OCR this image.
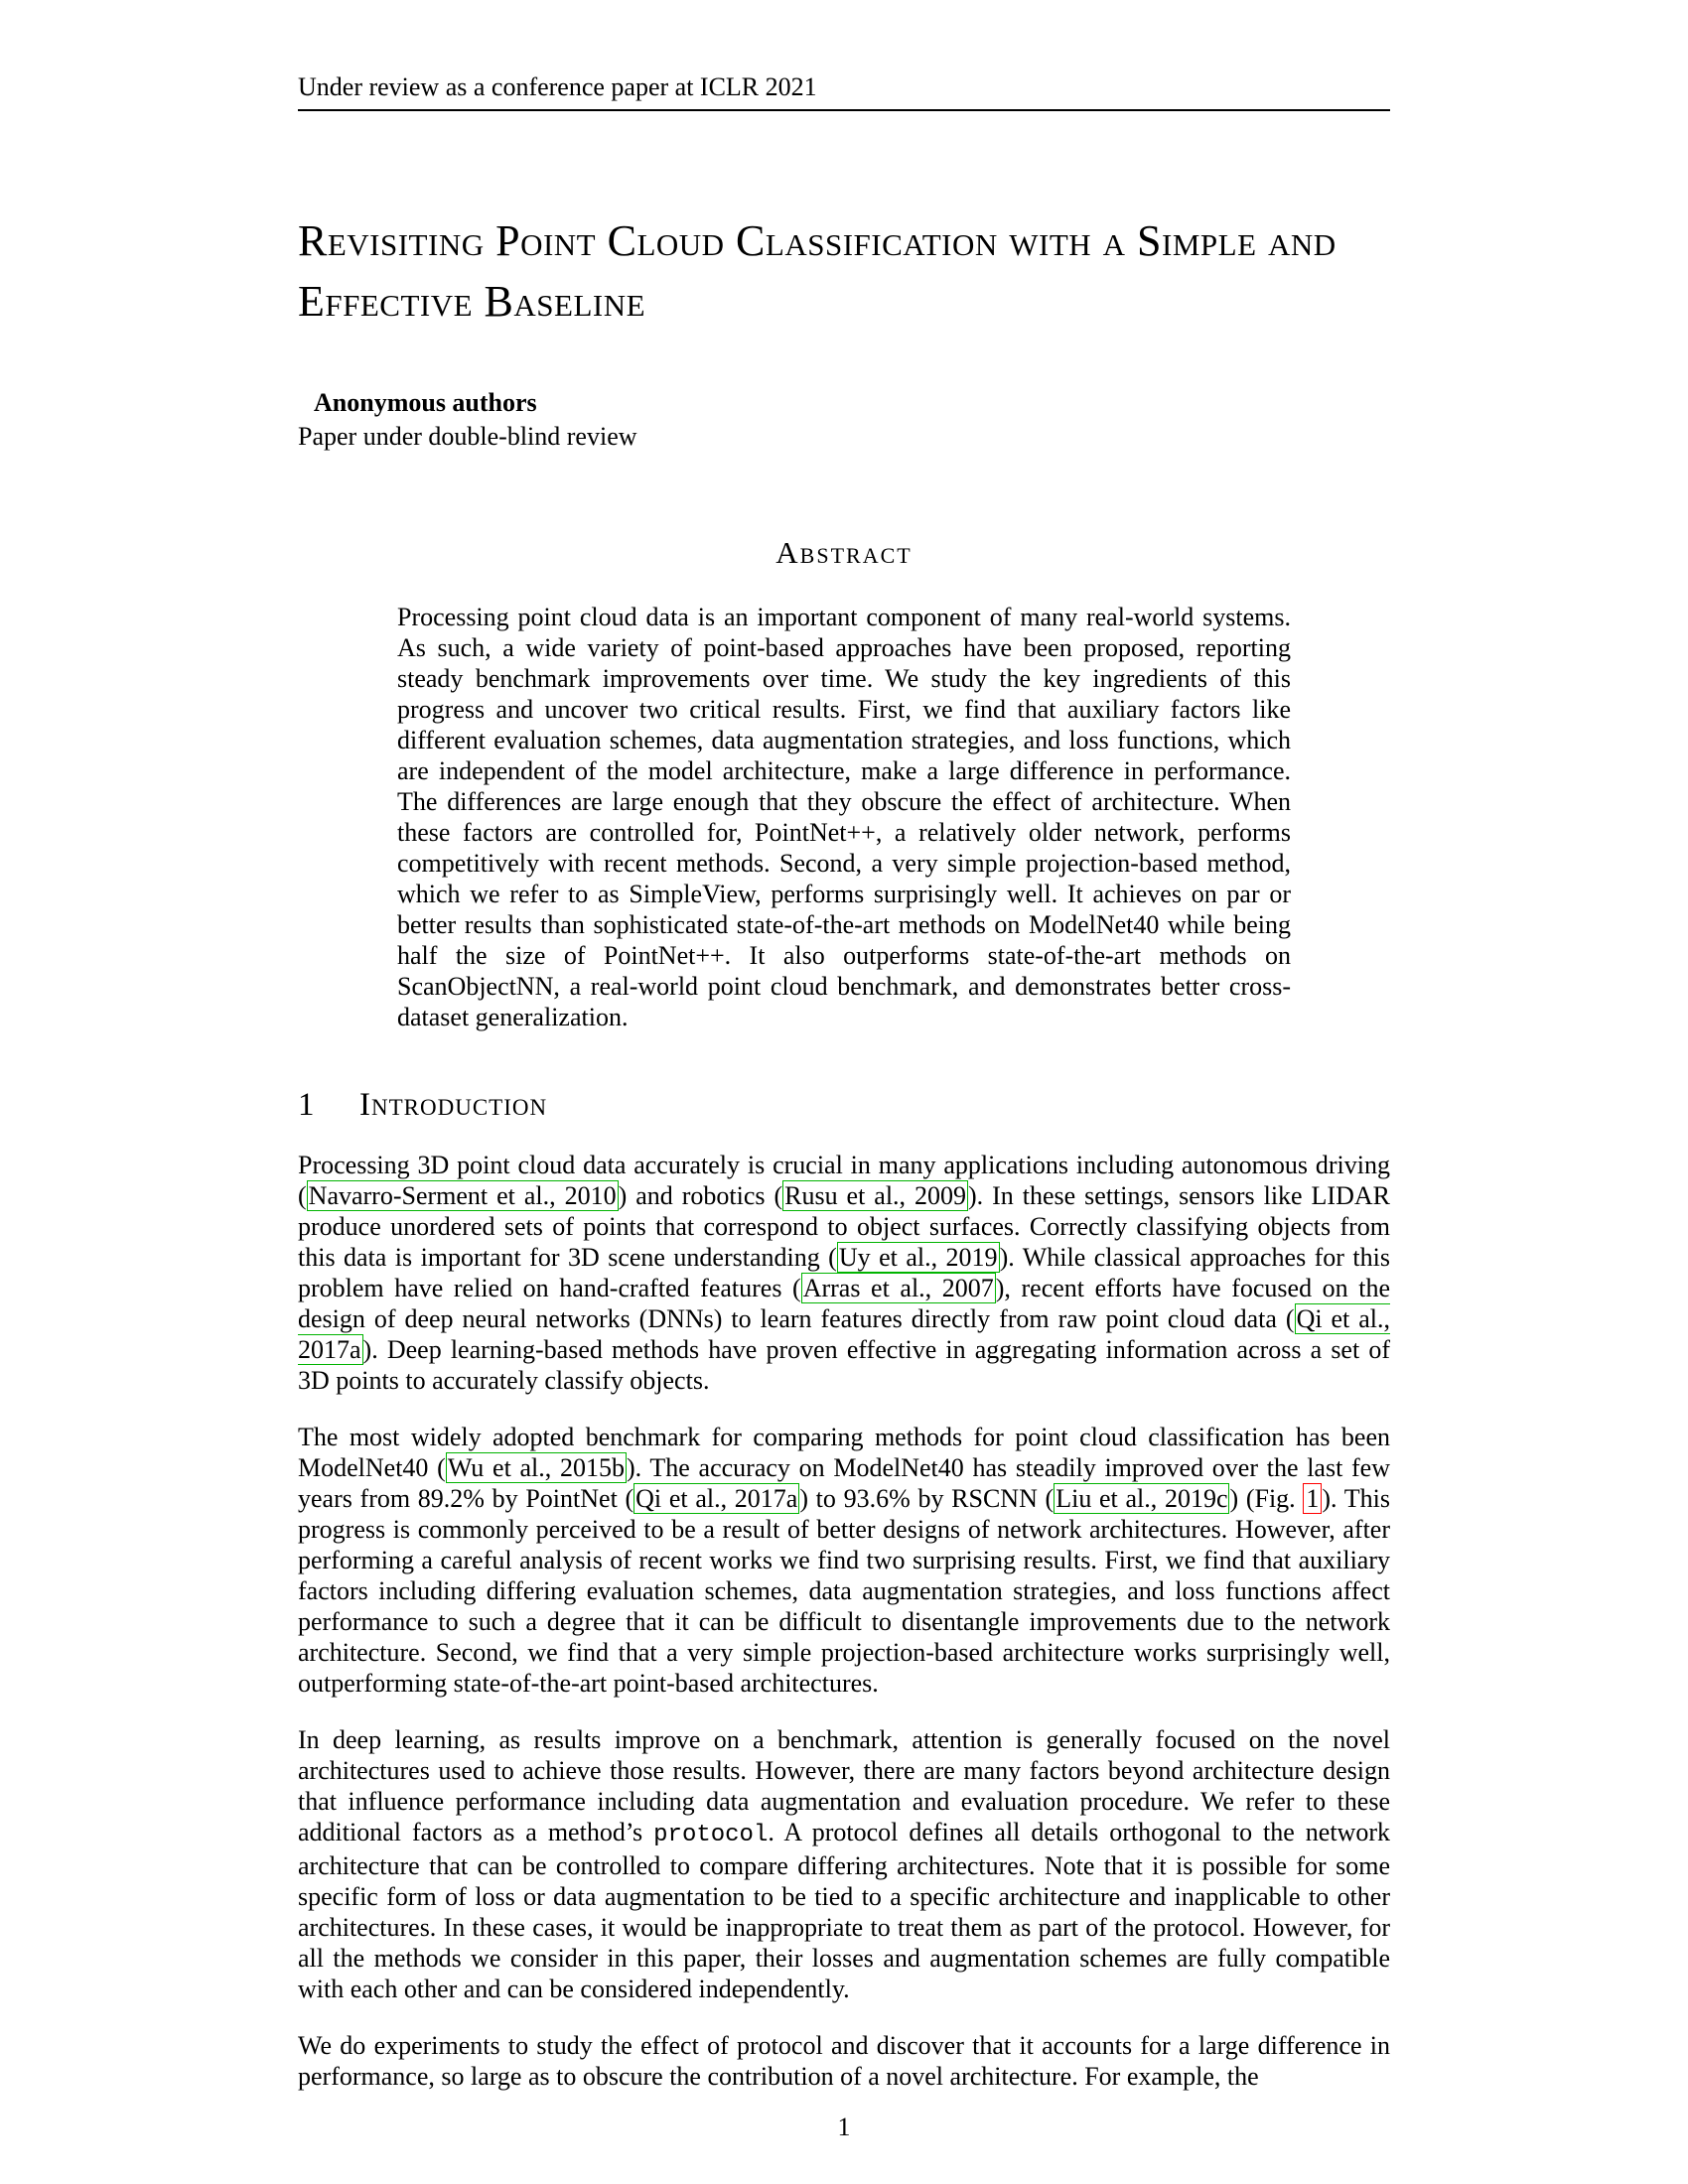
Under review as a conference paper at ICLR 2021
Revisiting Point Cloud Classification with a Simple and Effective Baseline
Anonymous authors
Paper under double-blind review
Abstract

Processing point cloud data is an important component of many real-world systems. As such, a wide variety of point-based approaches have been proposed, reporting steady benchmark improvements over time. We study the key ingredients of this progress and uncover two critical results. First, we find that auxiliary factors like different evaluation schemes, data augmentation strategies, and loss functions, which are independent of the model architecture, make a large difference in performance. The differences are large enough that they obscure the effect of architecture. When these factors are controlled for, PointNet++, a relatively older network, performs competitively with recent methods. Second, a very simple projection-based method, which we refer to as SimpleView, performs surprisingly well. It achieves on par or better results than sophisticated state-of-the-art methods on ModelNet40 while being half the size of PointNet++. It also outperforms state-of-the-art methods on ScanObjectNN, a real-world point cloud benchmark, and demonstrates better cross-dataset generalization.

1 Introduction

Processing 3D point cloud data accurately is crucial in many applications including autonomous driving (Navarro-Serment et al., 2010) and robotics (Rusu et al., 2009). In these settings, sensors like LIDAR produce unordered sets of points that correspond to object surfaces. Correctly classifying objects from this data is important for 3D scene understanding (Uy et al., 2019). While classical approaches for this problem have relied on hand-crafted features (Arras et al., 2007), recent efforts have focused on the design of deep neural networks (DNNs) to learn features directly from raw point cloud data (Qi et al., 2017a). Deep learning-based methods have proven effective in aggregating information across a set of 3D points to accurately classify objects.

The most widely adopted benchmark for comparing methods for point cloud classification has been ModelNet40 (Wu et al., 2015b). The accuracy on ModelNet40 has steadily improved over the last few years from 89.2% by PointNet (Qi et al., 2017a) to 93.6% by RSCNN (Liu et al., 2019c) (Fig. 1 ). This progress is commonly perceived to be a result of better designs of network architectures. However, after performing a careful analysis of recent works we find two surprising results. First, we find that auxiliary factors including differing evaluation schemes, data augmentation strategies, and loss functions affect performance to such a degree that it can be difficult to disentangle improvements due to the network architecture. Second, we find that a very simple projection-based architecture works surprisingly well, outperforming state-of-the-art point-based architectures.

In deep learning, as results improve on a benchmark, attention is generally focused on the novel architectures used to achieve those results. However, there are many factors beyond architecture design that influence performance including data augmentation and evaluation procedure. We refer to these additional factors as a method’s protocol. A protocol defines all details orthogonal to the network architecture that can be controlled to compare differing architectures. Note that it is possible for some specific form of loss or data augmentation to be tied to a specific architecture and inapplicable to other architectures. In these cases, it would be inappropriate to treat them as part of the protocol. However, for all the methods we consider in this paper, their losses and augmentation schemes are fully compatible with each other and can be considered independently.

We do experiments to study the effect of protocol and discover that it accounts for a large difference in performance, so large as to obscure the contribution of a novel architecture. For example, the

1
